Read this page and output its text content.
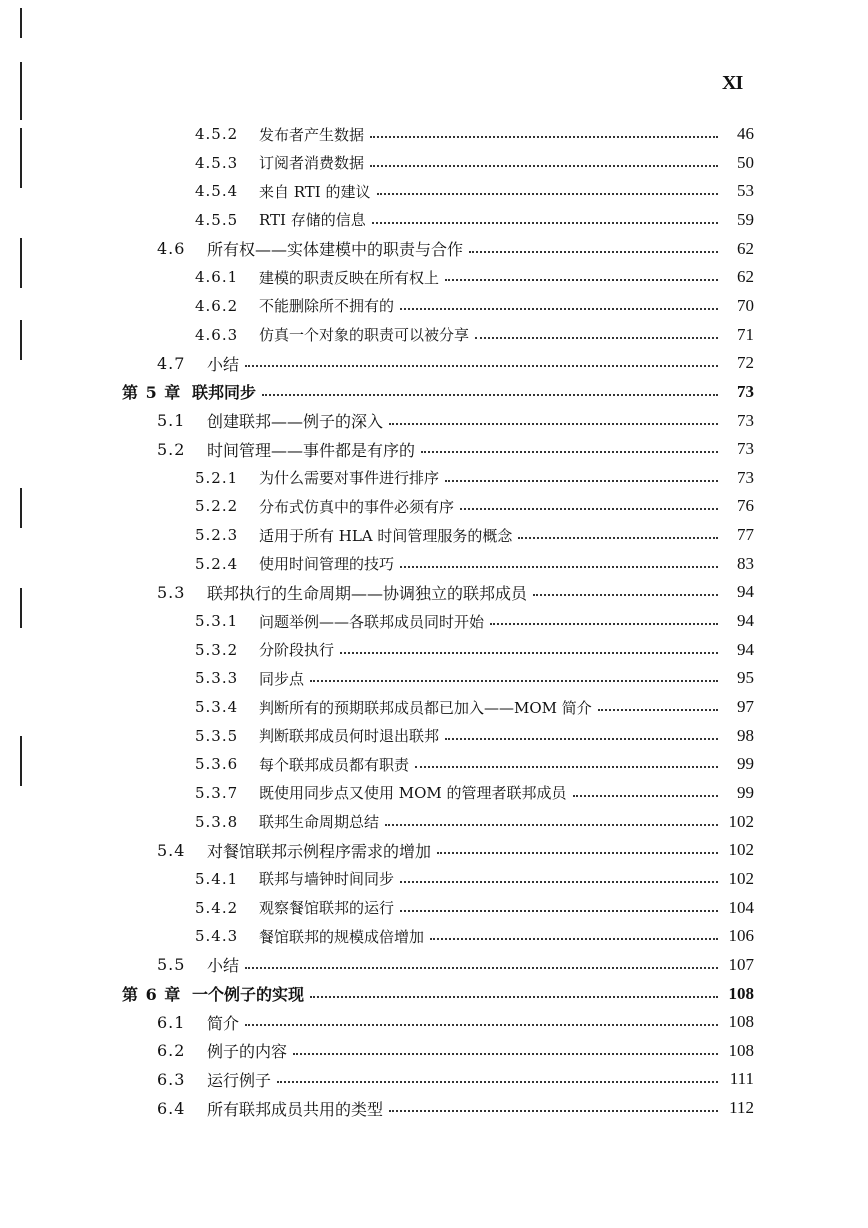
XI
4.5.2	发布者产生数据	46
4.5.3	订阅者消费数据	50
4.5.4	来自 RTI 的建议	53
4.5.5	RTI 存储的信息	59
4.6	所有权——实体建模中的职责与合作	62
4.6.1	建模的职责反映在所有权上	62
4.6.2	不能删除所不拥有的	70
4.6.3	仿真一个对象的职责可以被分享	71
4.7	小结	72
第 5 章 联邦同步	73
5.1	创建联邦——例子的深入	73
5.2	时间管理——事件都是有序的	73
5.2.1	为什么需要对事件进行排序	73
5.2.2	分布式仿真中的事件必须有序	76
5.2.3	适用于所有 HLA 时间管理服务的概念	77
5.2.4	使用时间管理的技巧	83
5.3	联邦执行的生命周期——协调独立的联邦成员	94
5.3.1	问题举例——各联邦成员同时开始	94
5.3.2	分阶段执行	94
5.3.3	同步点	95
5.3.4	判断所有的预期联邦成员都已加入——MOM 简介	97
5.3.5	判断联邦成员何时退出联邦	98
5.3.6	每个联邦成员都有职责	99
5.3.7	既使用同步点又使用 MOM 的管理者联邦成员	99
5.3.8	联邦生命周期总结	102
5.4	对餐馆联邦示例程序需求的增加	102
5.4.1	联邦与墙钟时间同步	102
5.4.2	观察餐馆联邦的运行	104
5.4.3	餐馆联邦的规模成倍增加	106
5.5	小结	107
第 6 章 一个例子的实现	108
6.1	简介	108
6.2	例子的内容	108
6.3	运行例子	111
6.4	所有联邦成员共用的类型	112
